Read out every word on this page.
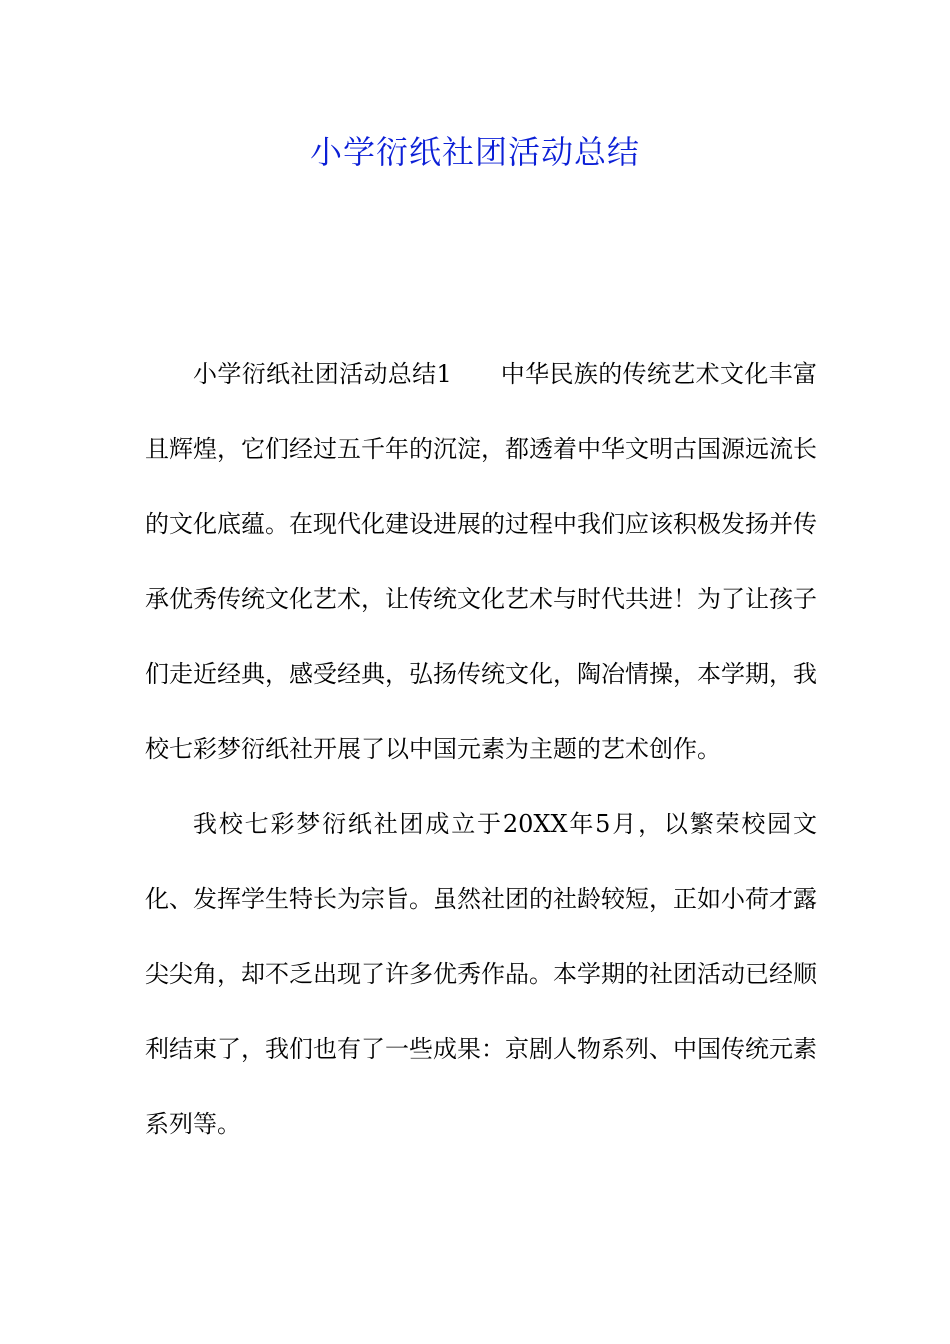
小学衍纸社团活动总结

小学衍纸社团活动总结1　　中华民族的传统艺术文化丰富且辉煌，它们经过五千年的沉淀，都透着中华文明古国源远流长的文化底蕴。在现代化建设进展的过程中我们应该积极发扬并传承优秀传统文化艺术，让传统文化艺术与时代共进！为了让孩子们走近经典，感受经典，弘扬传统文化，陶冶情操，本学期，我校七彩梦衍纸社开展了以中国元素为主题的艺术创作。

我校七彩梦衍纸社团成立于20XX年5月，以繁荣校园文化、发挥学生特长为宗旨。虽然社团的社龄较短，正如小荷才露尖尖角，却不乏出现了许多优秀作品。本学期的社团活动已经顺利结束了，我们也有了一些成果：京剧人物系列、中国传统元素系列等。
